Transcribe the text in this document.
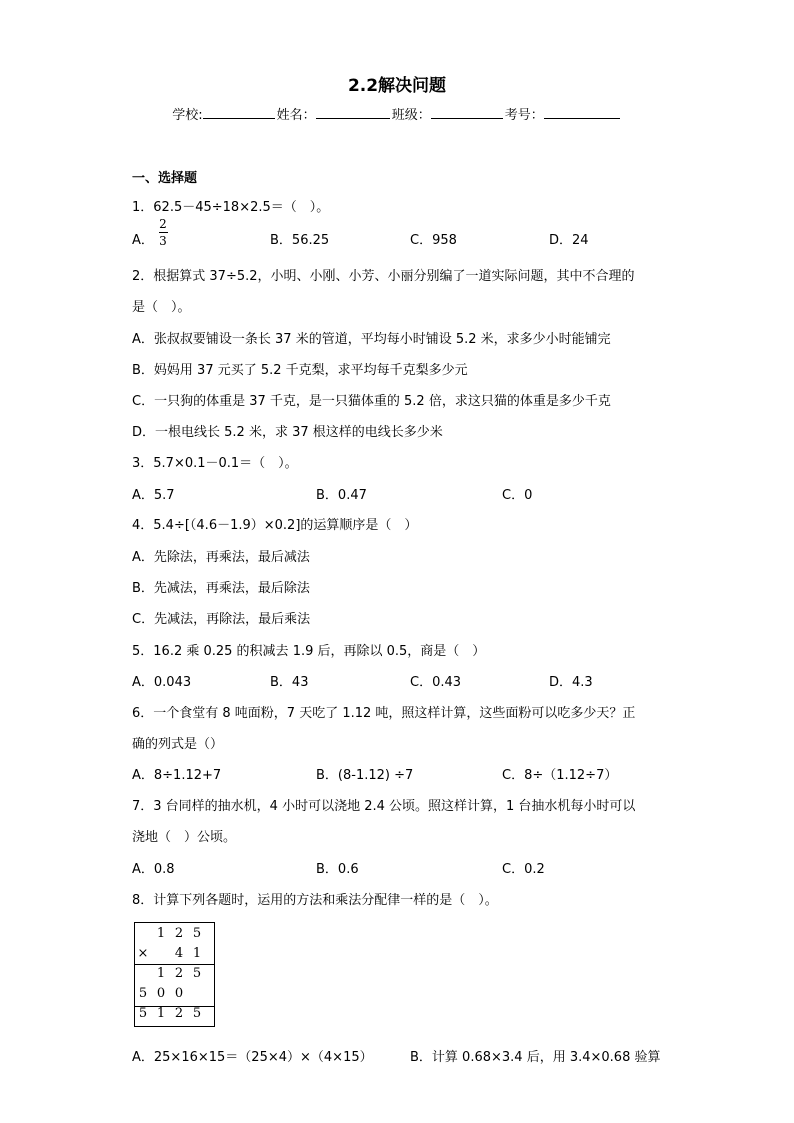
2.2解决问题
学校:	姓名：	班级：	考号：
一、选择题
1．62.5－45÷18×2.5＝（　）。
A．
2
3	B．56.25	C．958	D．24
2．根据算式 37÷5.2，小明、小刚、小芳、小丽分别编了一道实际问题，其中不合理的
是（　）。
A．张叔叔要铺设一条长 37 米的管道，平均每小时铺设 5.2 米，求多少小时能铺完
B．妈妈用 37 元买了 5.2 千克梨，求平均每千克梨多少元
C．一只狗的体重是 37 千克，是一只猫体重的 5.2 倍，求这只猫的体重是多少千克
D．一根电线长 5.2 米，求 37 根这样的电线长多少米
3．5.7×0.1－0.1＝（　）。
A．5.7	B．0.47	C．0
4．5.4÷[（4.6－1.9）×0.2]的运算顺序是（　）
A．先除法，再乘法，最后减法
B．先减法，再乘法，最后除法
C．先减法，再除法，最后乘法
5．16.2 乘 0.25 的积减去 1.9 后，再除以 0.5，商是（　）
A．0.043	B．43	C．0.43	D．4.3
6．一个食堂有 8 吨面粉，7 天吃了 1.12 吨，照这样计算，这些面粉可以吃多少天？正
确的列式是（）
A．8÷1.12+7	B．(8-1.12) ÷7	C．8÷（1.12÷7）
7．3 台同样的抽水机，4 小时可以浇地 2.4 公顷。照这样计算，1 台抽水机每小时可以
浇地（　）公顷。
A．0.8	B．0.6	C．0.2
8．计算下列各题时，运用的方法和乘法分配律一样的是（　）。
	1	2	5
×		4	1
	1	2	5
5	0	0	
5	1	2	5
A．25×16×15＝（25×4）×（4×15）	B．计算 0.68×3.4 后，用 3.4×0.68 验算
